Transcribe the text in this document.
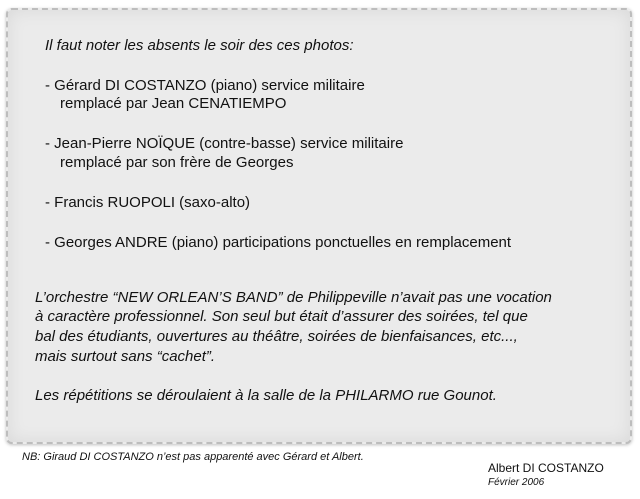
Il faut noter les absents le soir des ces photos:
- Gérard DI COSTANZO (piano) service militaire
remplacé par Jean CENATIEMPO
- Jean-Pierre NOÏQUE (contre-basse) service militaire
remplacé par son frère de Georges
- Francis RUOPOLI (saxo-alto)
- Georges ANDRE (piano) participations ponctuelles en remplacement
L’orchestre “NEW ORLEAN’S BAND” de Philippeville n’avait pas une vocation
à caractère professionnel. Son seul but était d’assurer des soirées, tel que
bal des étudiants, ouvertures au théâtre, soirées de bienfaisances, etc...,
mais surtout sans “cachet”.
Les répétitions se déroulaient à la salle de la PHILARMO rue Gounot.
NB: Giraud DI COSTANZO n’est pas apparenté avec Gérard et Albert.
Albert DI COSTANZO
Février 2006
